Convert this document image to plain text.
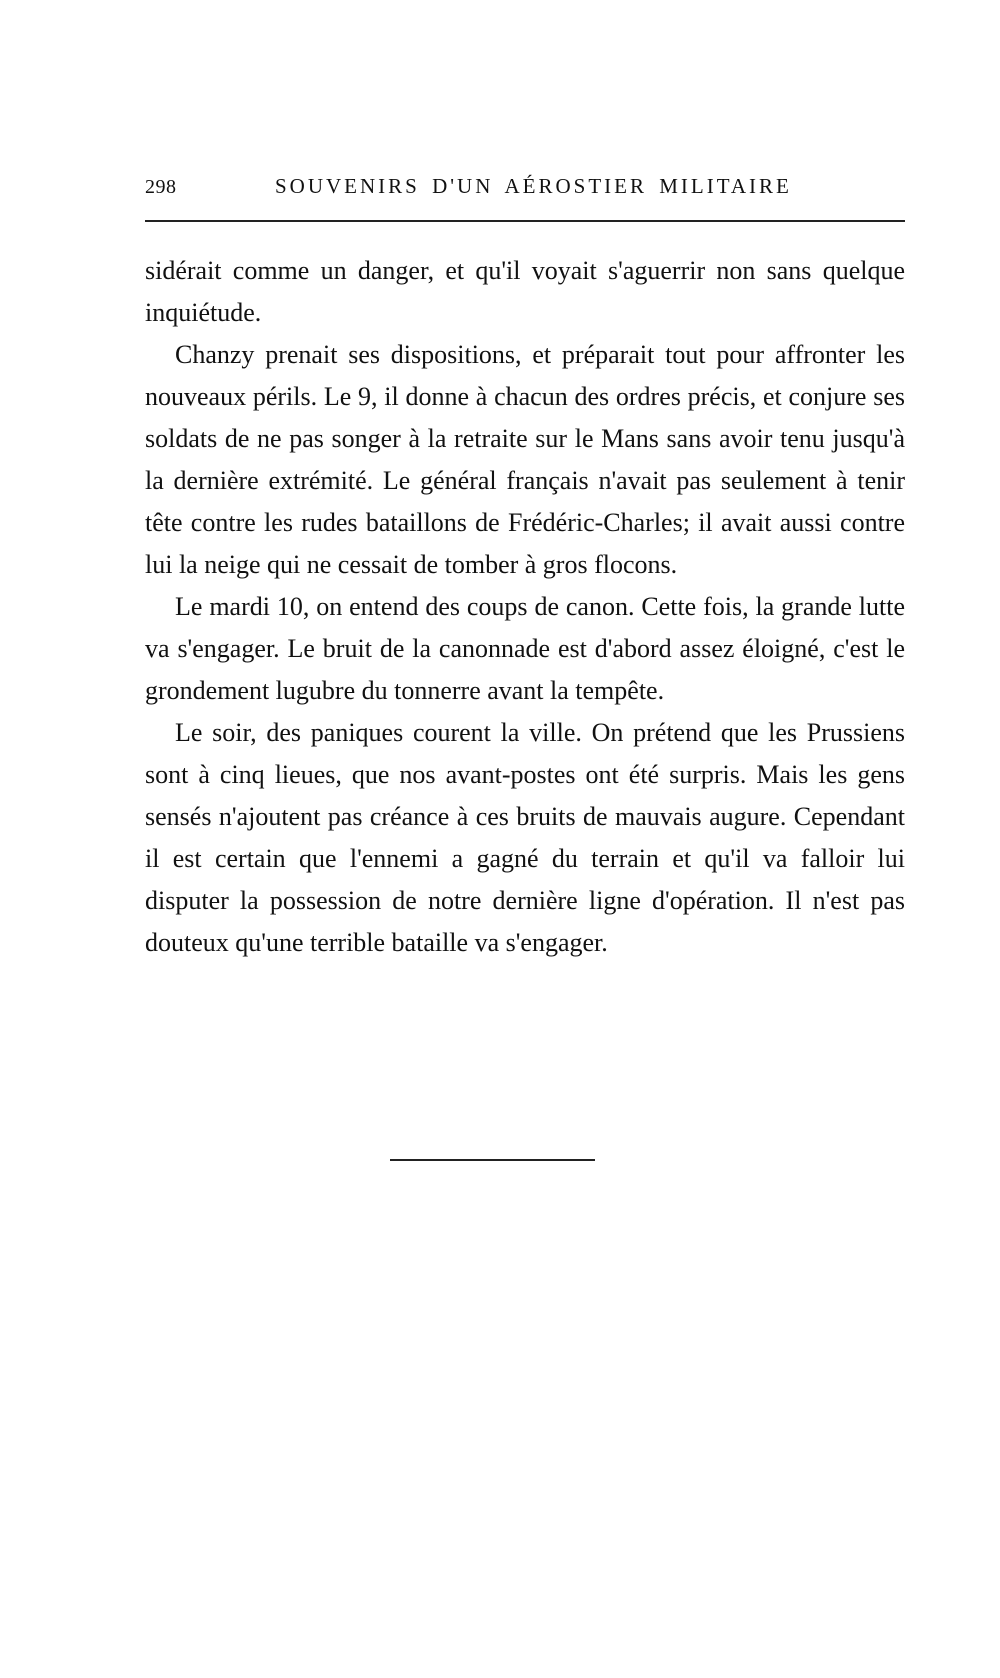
298	SOUVENIRS D'UN AÉROSTIER MILITAIRE

sidérait comme un danger, et qu'il voyait s'aguerrir non sans quelque inquiétude.

Chanzy prenait ses dispositions, et préparait tout pour affronter les nouveaux périls. Le 9, il donne à chacun des ordres précis, et conjure ses soldats de ne pas songer à la retraite sur le Mans sans avoir tenu jusqu'à la dernière extrémité. Le général français n'avait pas seulement à tenir tête contre les rudes bataillons de Frédéric-Charles; il avait aussi contre lui la neige qui ne cessait de tomber à gros flocons.

Le mardi 10, on entend des coups de canon. Cette fois, la grande lutte va s'engager. Le bruit de la canonnade est d'abord assez éloigné, c'est le grondement lugubre du tonnerre avant la tempête.

Le soir, des paniques courent la ville. On prétend que les Prussiens sont à cinq lieues, que nos avant-postes ont été surpris. Mais les gens sensés n'ajoutent pas créance à ces bruits de mauvais augure. Cependant il est certain que l'ennemi a gagné du terrain et qu'il va falloir lui disputer la possession de notre dernière ligne d'opération. Il n'est pas douteux qu'une terrible bataille va s'engager.
